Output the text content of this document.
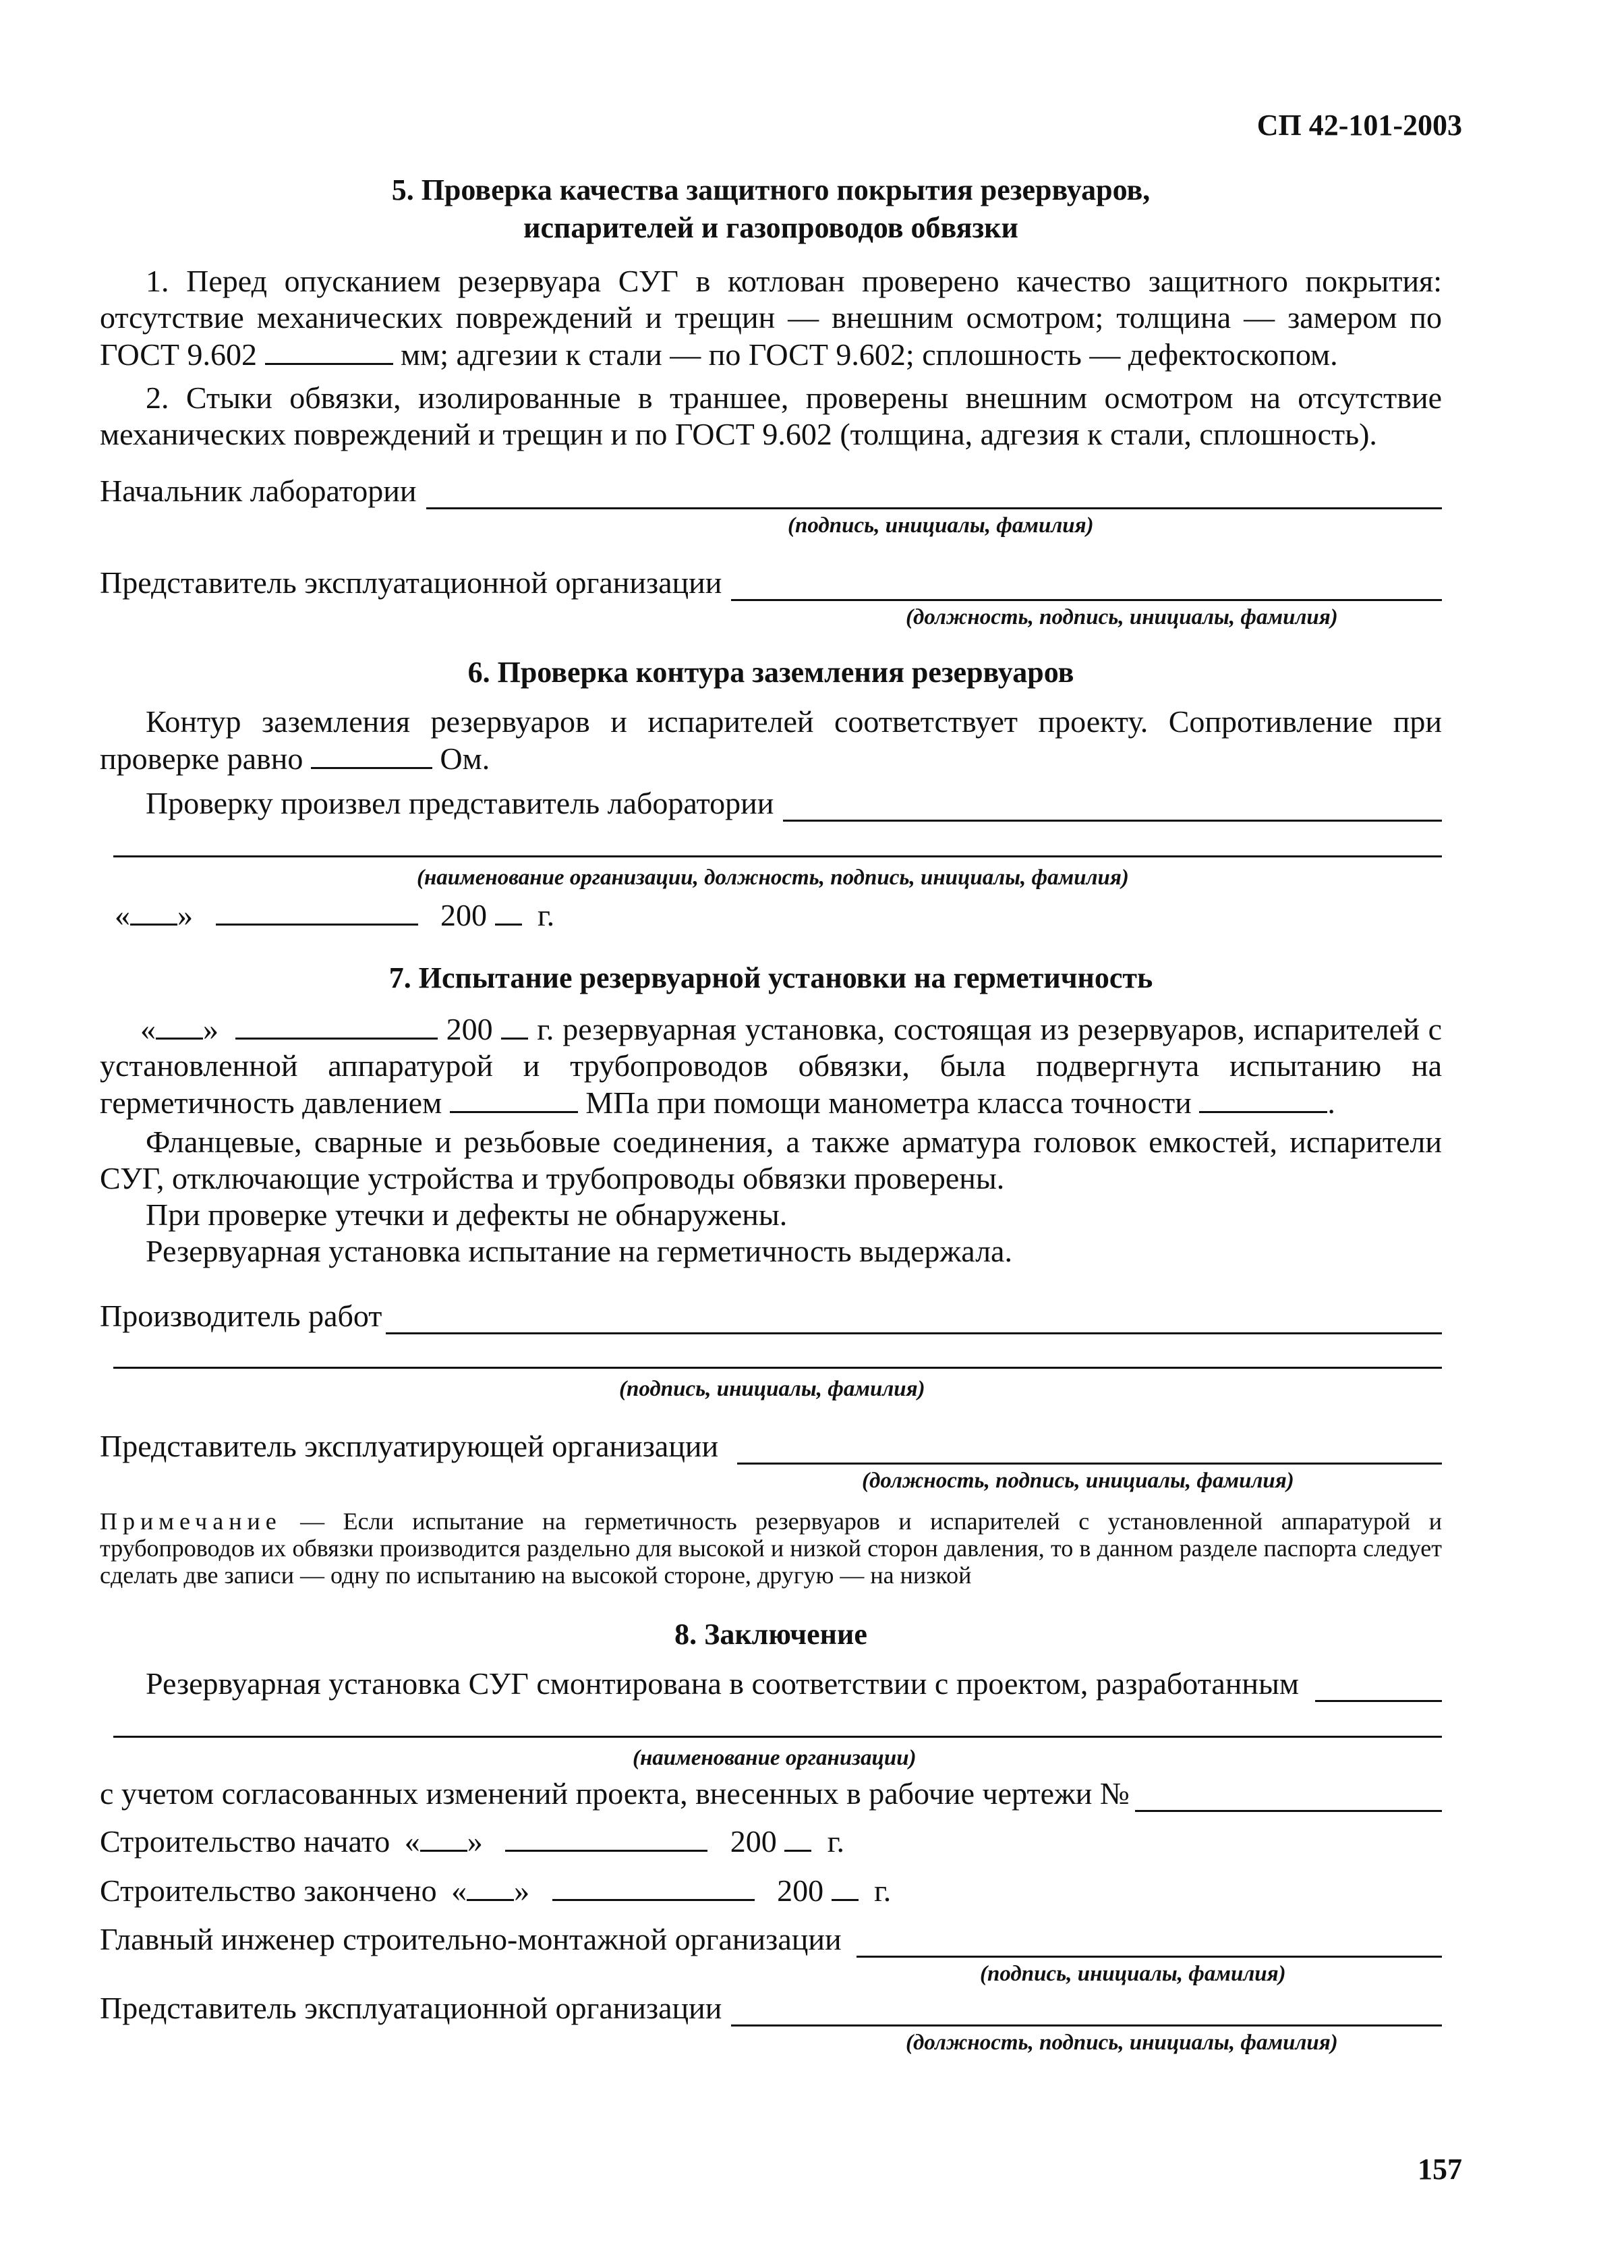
СП 42-101-2003
5. Проверка качества защитного покрытия резервуаров,
испарителей и газопроводов обвязки

1. Перед опусканием резервуара СУГ в котлован проверено качество защитного покрытия: отсутствие механических повреждений и трещин — внешним осмотром; толщина — замером по ГОСТ 9.602	мм; адгезии к стали — по ГОСТ 9.602; сплошность — дефектоскопом.

2. Стыки обвязки, изолированные в траншее, проверены внешним осмотром на отсутствие механических повреждений и трещин и по ГОСТ 9.602 (толщина, адгезия к стали, сплошность).

Начальник лаборатории
(подпись, инициалы, фамилия)
Представитель эксплуатационной организации
(должность, подпись, инициалы, фамилия)
6. Проверка контура заземления резервуаров

Контур заземления резервуаров и испарителей соответствует проекту. Сопротивление при проверке равно	Ом.

Проверку произвел представитель лаборатории
(наименование организации, должность, подпись, инициалы, фамилия)
« »	200 г.
7. Испытание резервуарной установки на герметичность

« »	200 г. резервуарная установка, состоящая из резервуаров, испарителей с установленной аппаратурой и трубопроводов обвязки, была подвергнута испытанию на герметичность давлением	МПа при помощи манометра класса точности	.

Фланцевые, сварные и резьбовые соединения, а также арматура головок емкостей, испарители СУГ, отключающие устройства и трубопроводы обвязки проверены.

При проверке утечки и дефекты не обнаружены.

Резервуарная установка испытание на герметичность выдержала.

Производитель работ
(подпись, инициалы, фамилия)
Представитель эксплуатирующей организации
(должность, подпись, инициалы, фамилия)

Примечание — Если испытание на герметичность резервуаров и испарителей с установленной аппаратурой и трубопроводов их обвязки производится раздельно для высокой и низкой сторон давления, то в данном разделе паспорта следует сделать две записи — одну по испытанию на высокой стороне, другую — на низкой

8. Заключение
Резервуарная установка СУГ смонтирована в соответствии с проектом, разработанным
(наименование организации)
с учетом согласованных изменений проекта, внесенных в рабочие чертежи №
Строительство начато « »	200 г.
Строительство закончено « »	200 г.
Главный инженер строительно-монтажной организации
(подпись, инициалы, фамилия)
Представитель эксплуатационной организации
(должность, подпись, инициалы, фамилия)
157
